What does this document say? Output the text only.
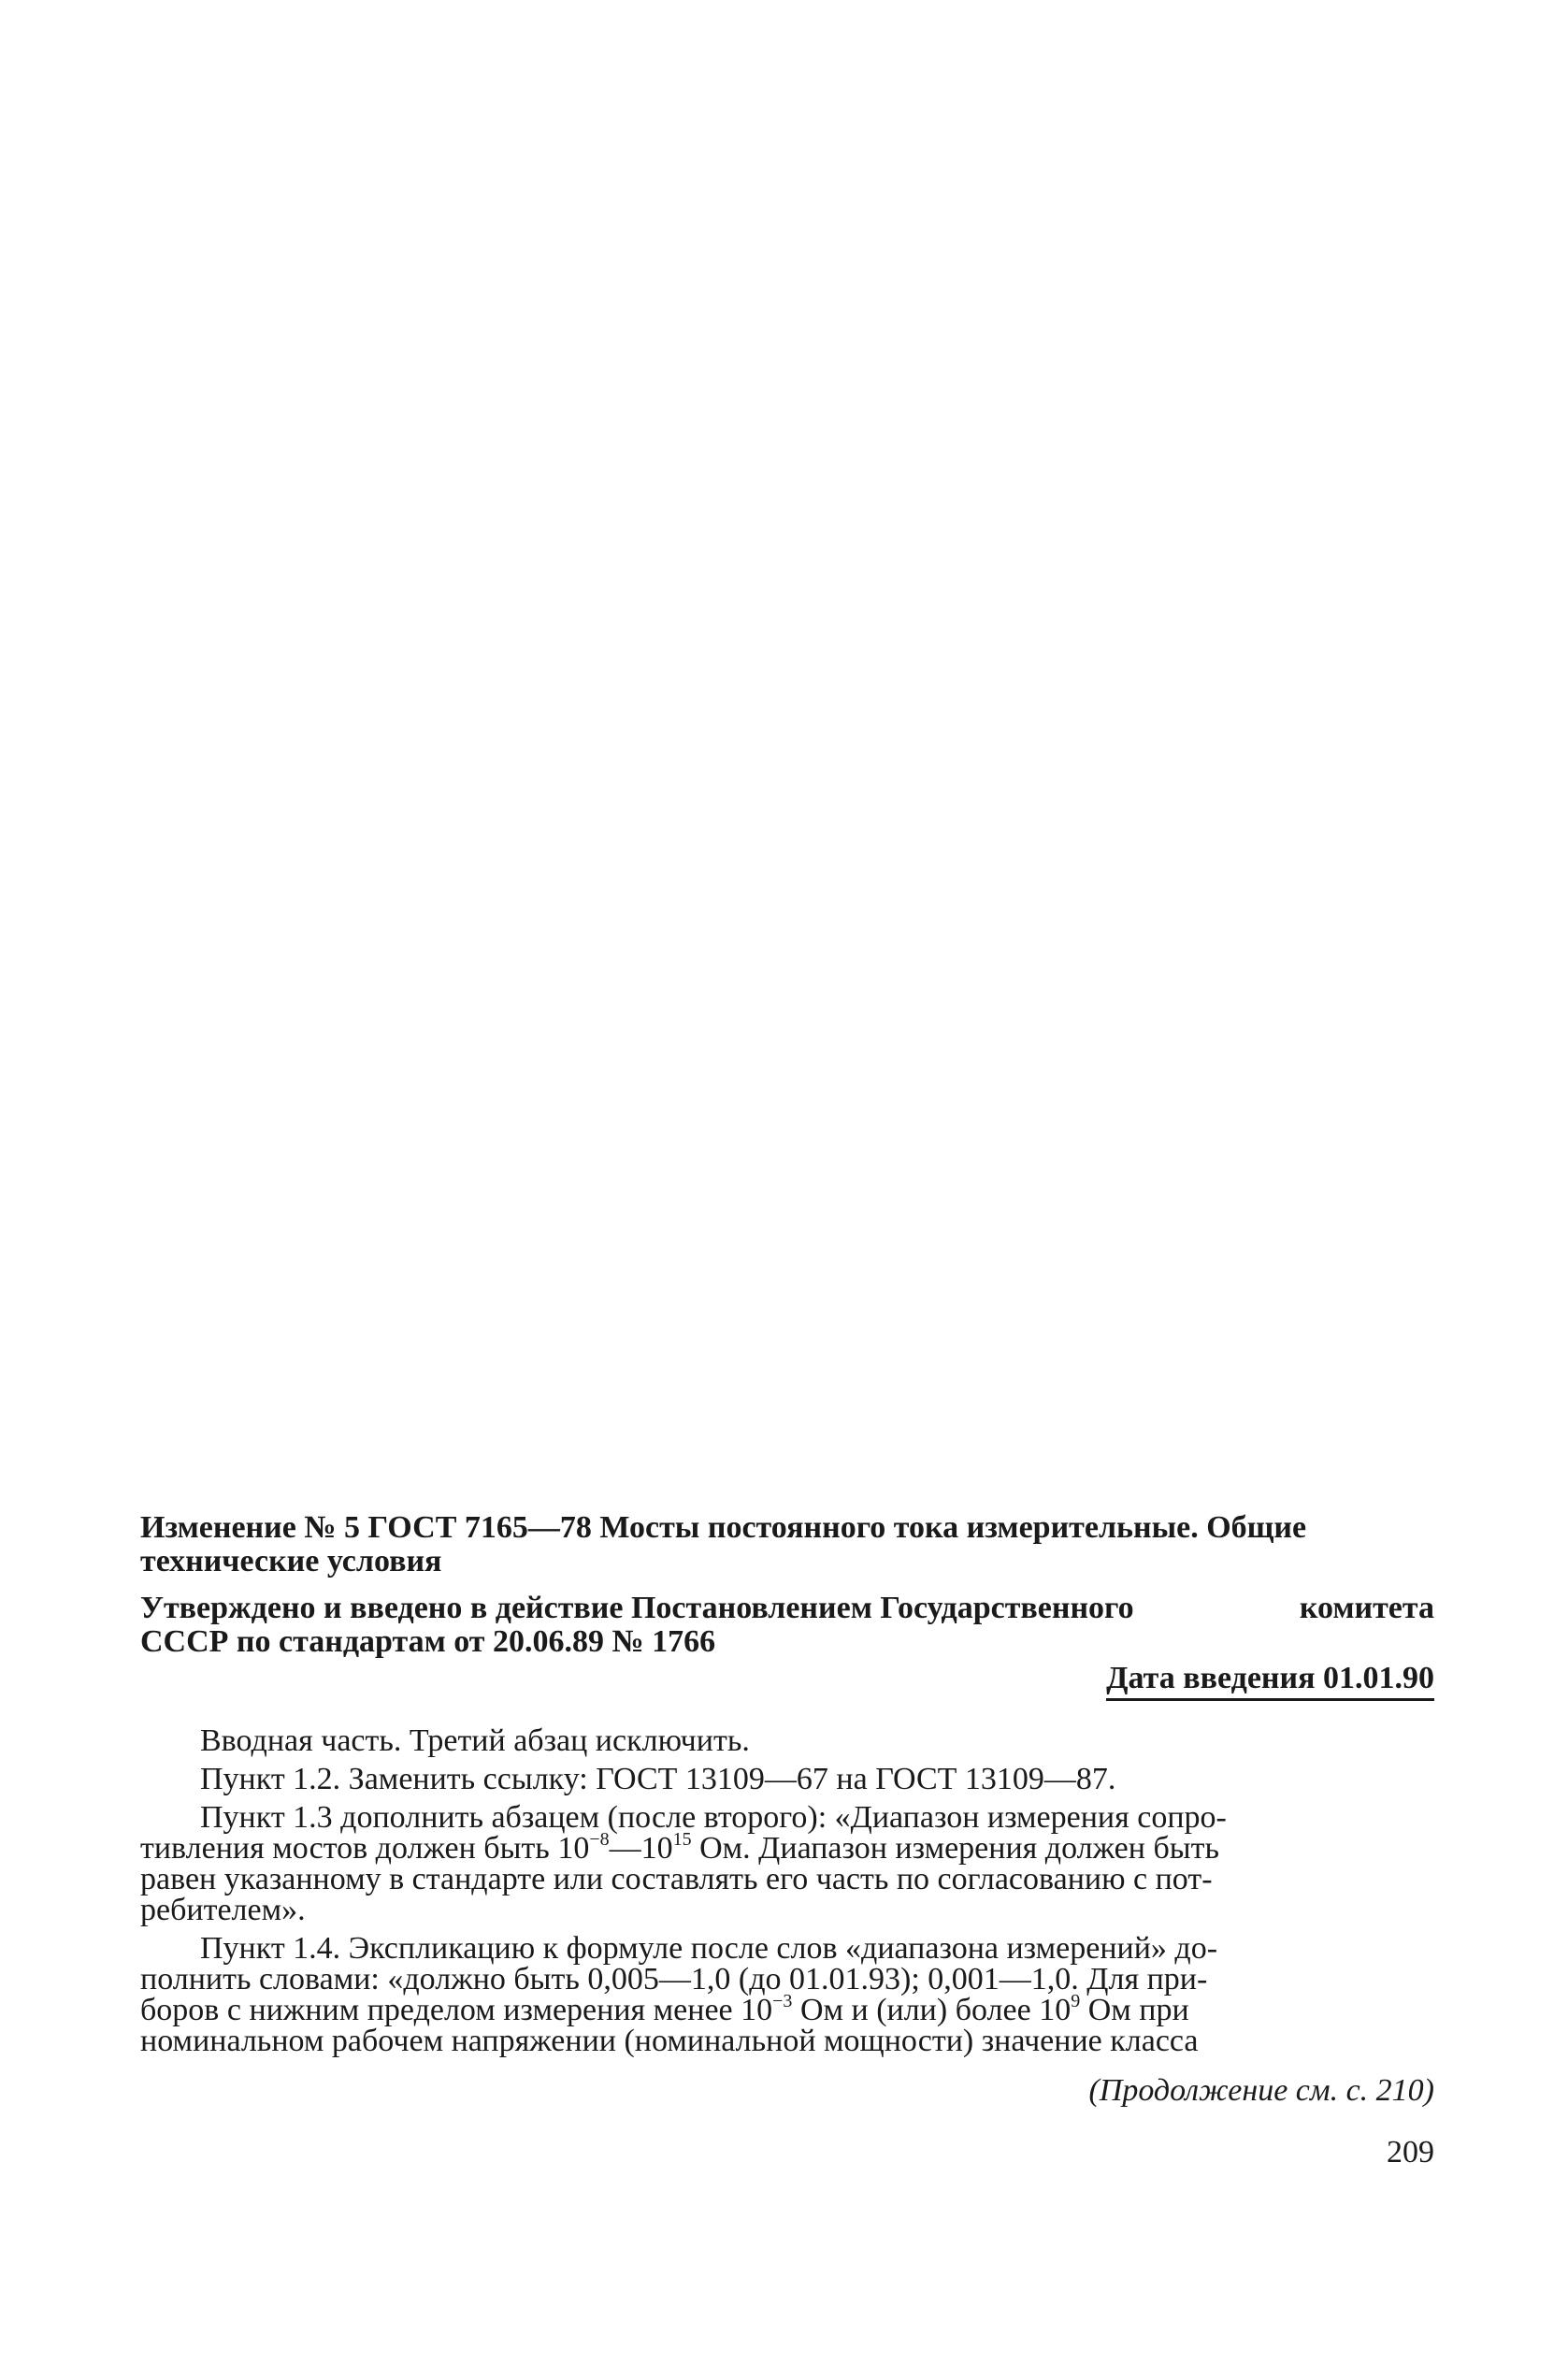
Изменение № 5 ГОСТ 7165—78 Мосты постоянного тока измерительные. Общие
технические условия
Утверждено и введено в действие Постановлением Государственного	комитета
СССР по стандартам от 20.06.89 № 1766
Дата введения 01.01.90

Вводная часть. Третий абзац исключить.

Пункт 1.2. Заменить ссылку: ГОСТ 13109—67 на ГОСТ 13109—87.

Пункт 1.3 дополнить абзацем (после второго): «Диапазон измерения сопро-
тивления мостов должен быть $10^{-8}—10^{15}$ Ом. Диапазон измерения должен быть
равен указанному в стандарте или составлять его часть по согласованию с пот-
ребителем».

Пункт 1.4. Экспликацию к формуле после слов «диапазона измерений» до-
полнить словами: «должно быть 0,005—1,0 (до 01.01.93); 0,001—1,0. Для при-
боров с нижним пределом измерения менее $10^{-3}$ Ом и (или) более $10^9$ Ом при
номинальном рабочем напряжении (номинальной мощности) значение класса

(Продолжение см. с. 210)
209
